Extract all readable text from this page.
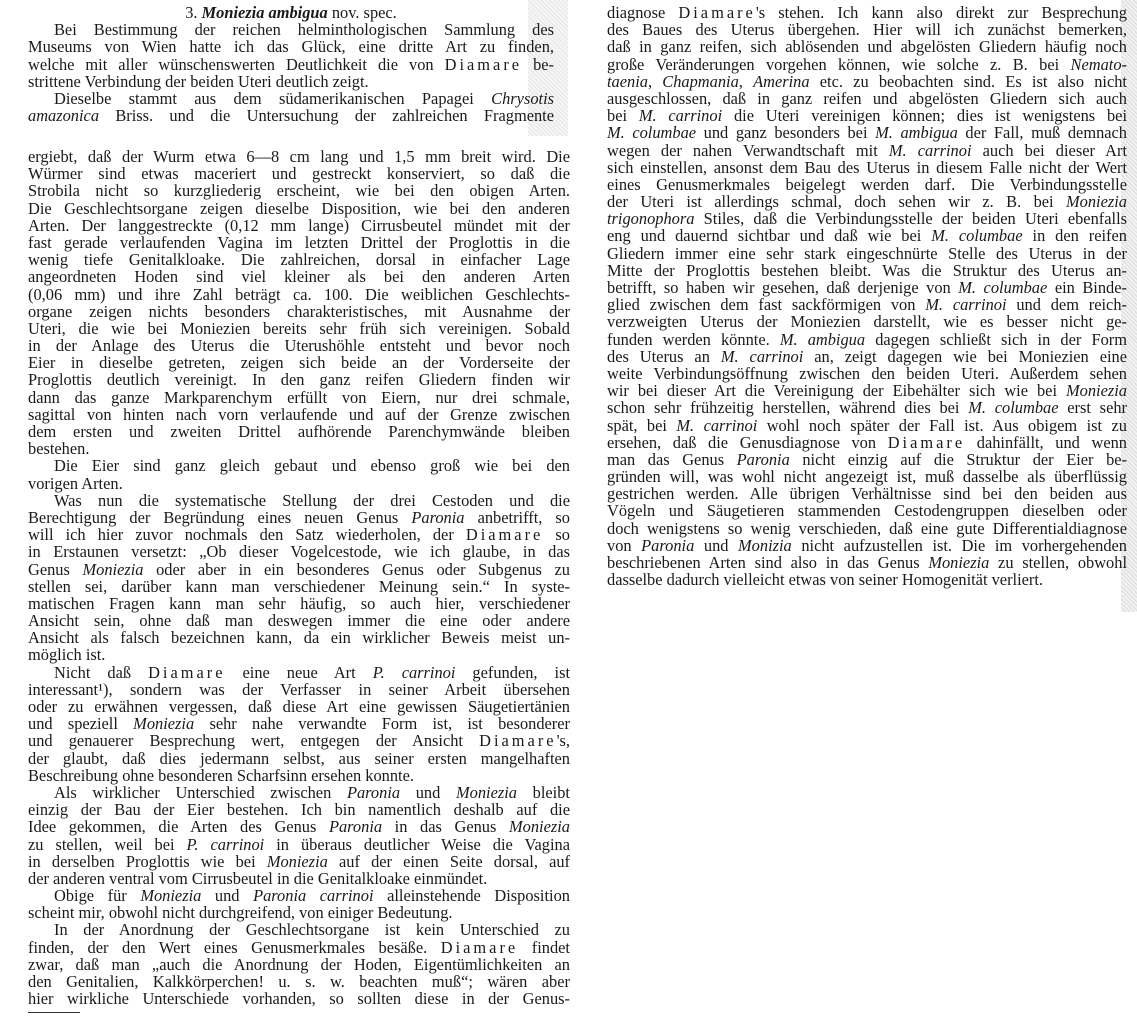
3. Moniezia ambigua nov. spec.
Bei Bestimmung der reichen helminthologischen Sammlung des
Museums von Wien hatte ich das Glück, eine dritte Art zu finden,
welche mit aller wünschenswerten Deutlichkeit die von Diamare be-
strittene Verbindung der beiden Uteri deutlich zeigt.
Dieselbe stammt aus dem südamerikanischen Papagei Chrysotis
amazonica Briss. und die Untersuchung der zahlreichen Fragmente
ergiebt, daß der Wurm etwa 6—8 cm lang und 1,5 mm breit wird. Die
Würmer sind etwas maceriert und gestreckt konserviert, so daß die
Strobila nicht so kurzgliederig erscheint, wie bei den obigen Arten.
Die Geschlechtsorgane zeigen dieselbe Disposition, wie bei den anderen
Arten. Der langgestreckte (0,12 mm lange) Cirrusbeutel mündet mit der
fast gerade verlaufenden Vagina im letzten Drittel der Proglottis in die
wenig tiefe Genitalkloake. Die zahlreichen, dorsal in einfacher Lage
angeordneten Hoden sind viel kleiner als bei den anderen Arten
(0,06 mm) und ihre Zahl beträgt ca. 100. Die weiblichen Geschlechts-
organe zeigen nichts besonders charakteristisches, mit Ausnahme der
Uteri, die wie bei Moniezien bereits sehr früh sich vereinigen. Sobald
in der Anlage des Uterus die Uterushöhle entsteht und bevor noch
Eier in dieselbe getreten, zeigen sich beide an der Vorderseite der
Proglottis deutlich vereinigt. In den ganz reifen Gliedern finden wir
dann das ganze Markparenchym erfüllt von Eiern, nur drei schmale,
sagittal von hinten nach vorn verlaufende und auf der Grenze zwischen
dem ersten und zweiten Drittel aufhörende Parenchymwände bleiben
bestehen.
Die Eier sind ganz gleich gebaut und ebenso groß wie bei den
vorigen Arten.
Was nun die systematische Stellung der drei Cestoden und die
Berechtigung der Begründung eines neuen Genus Paronia anbetrifft, so
will ich hier zuvor nochmals den Satz wiederholen, der Diamare so
in Erstaunen versetzt: „Ob dieser Vogelcestode, wie ich glaube, in das
Genus Moniezia oder aber in ein besonderes Genus oder Subgenus zu
stellen sei, darüber kann man verschiedener Meinung sein.“ In syste-
matischen Fragen kann man sehr häufig, so auch hier, verschiedener
Ansicht sein, ohne daß man deswegen immer die eine oder andere
Ansicht als falsch bezeichnen kann, da ein wirklicher Beweis meist un-
möglich ist.
Nicht daß Diamare eine neue Art P. carrinoi gefunden, ist
interessant¹), sondern was der Verfasser in seiner Arbeit übersehen
oder zu erwähnen vergessen, daß diese Art eine gewissen Säugetiertänien
und speziell Moniezia sehr nahe verwandte Form ist, ist besonderer
und genauerer Besprechung wert, entgegen der Ansicht Diamare's,
der glaubt, daß dies jedermann selbst, aus seiner ersten mangelhaften
Beschreibung ohne besonderen Scharfsinn ersehen konnte.
Als wirklicher Unterschied zwischen Paronia und Moniezia bleibt
einzig der Bau der Eier bestehen. Ich bin namentlich deshalb auf die
Idee gekommen, die Arten des Genus Paronia in das Genus Moniezia
zu stellen, weil bei P. carrinoi in überaus deutlicher Weise die Vagina
in derselben Proglottis wie bei Moniezia auf der einen Seite dorsal, auf
der anderen ventral vom Cirrusbeutel in die Genitalkloake einmündet.
Obige für Moniezia und Paronia carrinoi alleinstehende Disposition
scheint mir, obwohl nicht durchgreifend, von einiger Bedeutung.
In der Anordnung der Geschlechtsorgane ist kein Unterschied zu
finden, der den Wert eines Genusmerkmales besäße. Diamare findet
zwar, daß man „auch die Anordnung der Hoden, Eigentümlichkeiten an
den Genitalien, Kalkkörperchen! u. s. w. beachten muß“; wären aber
hier wirkliche Unterschiede vorhanden, so sollten diese in der Genus-
diagnose Diamare's stehen. Ich kann also direkt zur Besprechung
des Baues des Uterus übergehen. Hier will ich zunächst bemerken,
daß in ganz reifen, sich ablösenden und abgelösten Gliedern häufig noch
große Veränderungen vorgehen können, wie solche z. B. bei Nemato-
taenia, Chapmania, Amerina etc. zu beobachten sind. Es ist also nicht
ausgeschlossen, daß in ganz reifen und abgelösten Gliedern sich auch
bei M. carrinoi die Uteri vereinigen können; dies ist wenigstens bei
M. columbae und ganz besonders bei M. ambigua der Fall, muß demnach
wegen der nahen Verwandtschaft mit M. carrinoi auch bei dieser Art
sich einstellen, ansonst dem Bau des Uterus in diesem Falle nicht der Wert
eines Genusmerkmales beigelegt werden darf. Die Verbindungsstelle
der Uteri ist allerdings schmal, doch sehen wir z. B. bei Moniezia
trigonophora Stiles, daß die Verbindungsstelle der beiden Uteri ebenfalls
eng und dauernd sichtbar und daß wie bei M. columbae in den reifen
Gliedern immer eine sehr stark eingeschnürte Stelle des Uterus in der
Mitte der Proglottis bestehen bleibt. Was die Struktur des Uterus an-
betrifft, so haben wir gesehen, daß derjenige von M. columbae ein Binde-
glied zwischen dem fast sackförmigen von M. carrinoi und dem reich-
verzweigten Uterus der Moniezien darstellt, wie es besser nicht ge-
funden werden könnte. M. ambigua dagegen schließt sich in der Form
des Uterus an M. carrinoi an, zeigt dagegen wie bei Moniezien eine
weite Verbindungsöffnung zwischen den beiden Uteri. Außerdem sehen
wir bei dieser Art die Vereinigung der Eibehälter sich wie bei Moniezia
schon sehr frühzeitig herstellen, während dies bei M. columbae erst sehr
spät, bei M. carrinoi wohl noch später der Fall ist. Aus obigem ist zu
ersehen, daß die Genusdiagnose von Diamare dahinfällt, und wenn
man das Genus Paronia nicht einzig auf die Struktur der Eier be-
gründen will, was wohl nicht angezeigt ist, muß dasselbe als überflüssig
gestrichen werden. Alle übrigen Verhältnisse sind bei den beiden aus
Vögeln und Säugetieren stammenden Cestodengruppen dieselben oder
doch wenigstens so wenig verschieden, daß eine gute Differentialdiagnose
von Paronia und Monizia nicht aufzustellen ist. Die im vorhergehenden
beschriebenen Arten sind also in das Genus Moniezia zu stellen, obwohl
dasselbe dadurch vielleicht etwas von seiner Homogenität verliert.
